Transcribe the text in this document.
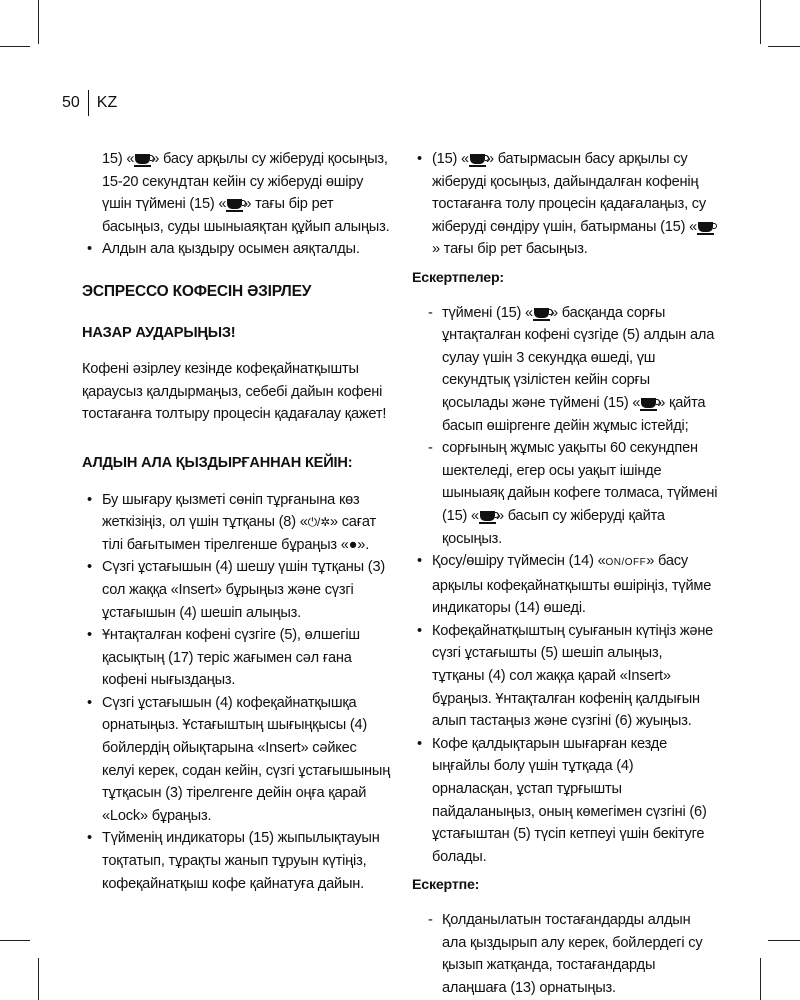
50 KZ

15) « » басу арқылы су жіберуді қосыңыз, 15-20 секундтан кейін су жіберуді өшіру үшін түймені (15) « » тағы бір рет басыңыз, суды шыныаяқтан құйып алыңыз.

• Алдын ала қыздыру осымен аяқталды.
ЭСПРЕССО КОФЕСІН ӘЗІРЛЕУ
НАЗАР АУДАРЫҢЫЗ!

Кофені әзірлеу кезінде кофеқайнатқышты қараусыз қалдырмаңыз, себебі дайын кофені тостағанға толтыру процесін қадағалау қажет!

АЛДЫН АЛА ҚЫЗДЫРҒАННАН КЕЙІН:
• Бу шығару қызметі сөніп тұрғанына көз жеткізіңіз, ол үшін тұтқаны (8) «⏻/✲» сағат тілі бағытымен тірелгенше бұраңыз «●».
• Сүзгі ұстағышын (4) шешу үшін тұтқаны (3) сол жаққа «Insert» бұрыңыз және сүзгі ұстағышын (4) шешіп алыңыз.
• Ұнтақталған кофені сүзгіге (5), өлшегіш қасықтың (17) теріс жағымен сәл ғана кофені нығыздаңыз.
• Сүзгі ұстағышын (4) кофеқайнатқышқа орнатыңыз. Ұстағыштың шығыңқысы (4) бойлердің ойықтарына «Insert» сәйкес келуі керек, содан кейін, сүзгі ұстағышының тұтқасын (3) тірелгенге дейін оңға қарай «Lock» бұраңыз.
• Түйменің индикаторы (15) жыпылықтауын тоқтатып, тұрақты жанып тұруын күтіңіз, кофеқайнатқыш кофе қайнатуға дайын.
• (15) « » батырмасын басу арқылы су жіберуді қосыңыз, дайындалған кофенің тостағанға толу процесін қадағалаңыз, су жіберуді сөндіру үшін, батырманы (15) «» тағы бір рет басыңыз.
Ескертпелер:
- түймені (15) « » басқанда сорғы ұнтақталған кофені сүзгіде (5) алдын ала сулау үшін 3 секундқа өшеді, үш секундтық үзілістен кейін сорғы қосылады және түймені (15) « » қайта басып өшіргенге дейін жұмыс істейді;
- сорғының жұмыс уақыты 60 секундпен шектеледі, егер осы уақыт ішінде шыныаяқ дайын кофеге толмаса, түймені (15) « » басып су жіберуді қайта қосыңыз.
• Қосу/өшіру түймесін (14) «ON/OFF» басу арқылы кофеқайнатқышты өшіріңіз, түйме индикаторы (14) өшеді.
• Кофеқайнатқыштың суығанын күтіңіз және сүзгі ұстағышты (5) шешіп алыңыз, тұтқаны (4) сол жаққа қарай «Insert» бұраңыз. Ұнтақталған кофенің қалдығын алып тастаңыз және сүзгіні (6) жуыңыз.
• Кофе қалдықтарын шығарған кезде ыңғайлы болу үшін тұтқада (4) орналасқан, ұстап тұрғышты пайдаланыңыз, оның көмегімен сүзгіні (6) ұстағыштан (5) түсіп кетпеуі үшін бекітуге болады.
Ескертпе:
- Қолданылатын тостағандарды алдын ала қыздырып алу керек, бойлердегі су қызып жатқанда, тостағандарды алаңшаға (13) орнатыңыз.
